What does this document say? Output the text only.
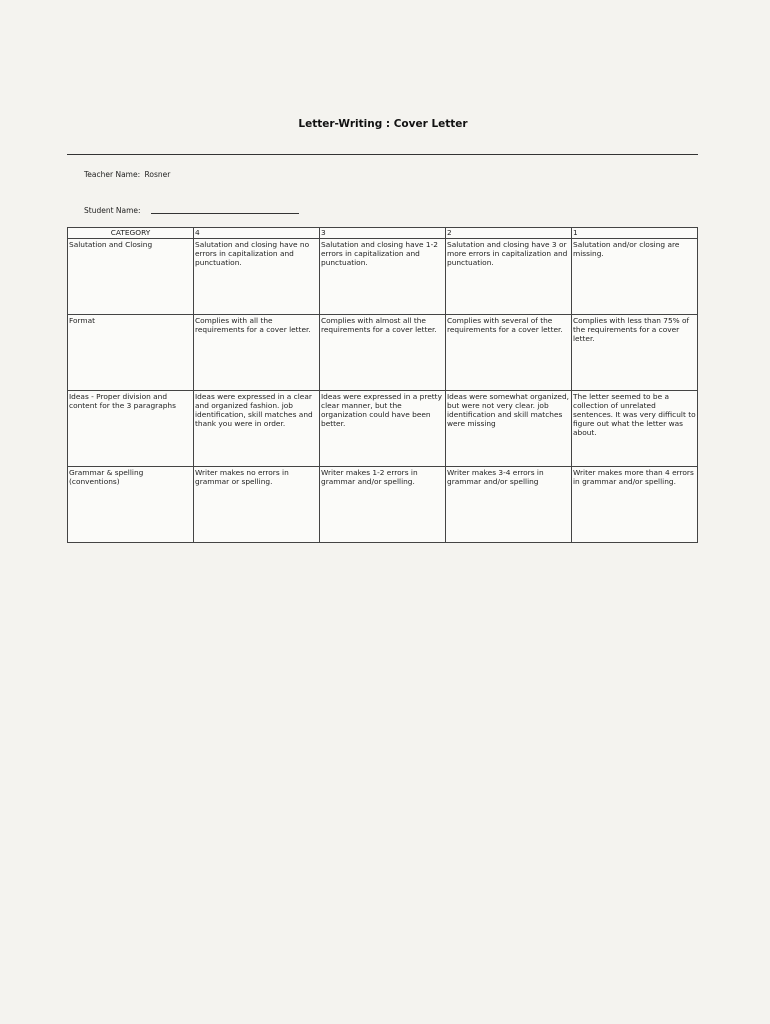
Letter-Writing : Cover Letter
Teacher Name: Rosner
Student Name:
CATEGORY	4	3	2	1
Salutation and Closing	Salutation and closing have no errors in capitalization and punctuation.	Salutation and closing have 1-2 errors in capitalization and punctuation.	Salutation and closing have 3 or more errors in capitalization and punctuation.	Salutation and/or closing are missing.
Format	Complies with all the requirements for a cover letter.	Complies with almost all the requirements for a cover letter.	Complies with several of the requirements for a cover letter.	Complies with less than 75% of the requirements for a cover letter.
Ideas - Proper division and content for the 3 paragraphs	Ideas were expressed in a clear and organized fashion. job identification, skill matches and thank you were in order.	Ideas were expressed in a pretty clear manner, but the organization could have been better.	Ideas were somewhat organized, but were not very clear. job identification and skill matches were missing	The letter seemed to be a collection of unrelated sentences. It was very difficult to figure out what the letter was about.
Grammar & spelling (conventions)	Writer makes no errors in grammar or spelling.	Writer makes 1-2 errors in grammar and/or spelling.	Writer makes 3-4 errors in grammar and/or spelling	Writer makes more than 4 errors in grammar and/or spelling.
